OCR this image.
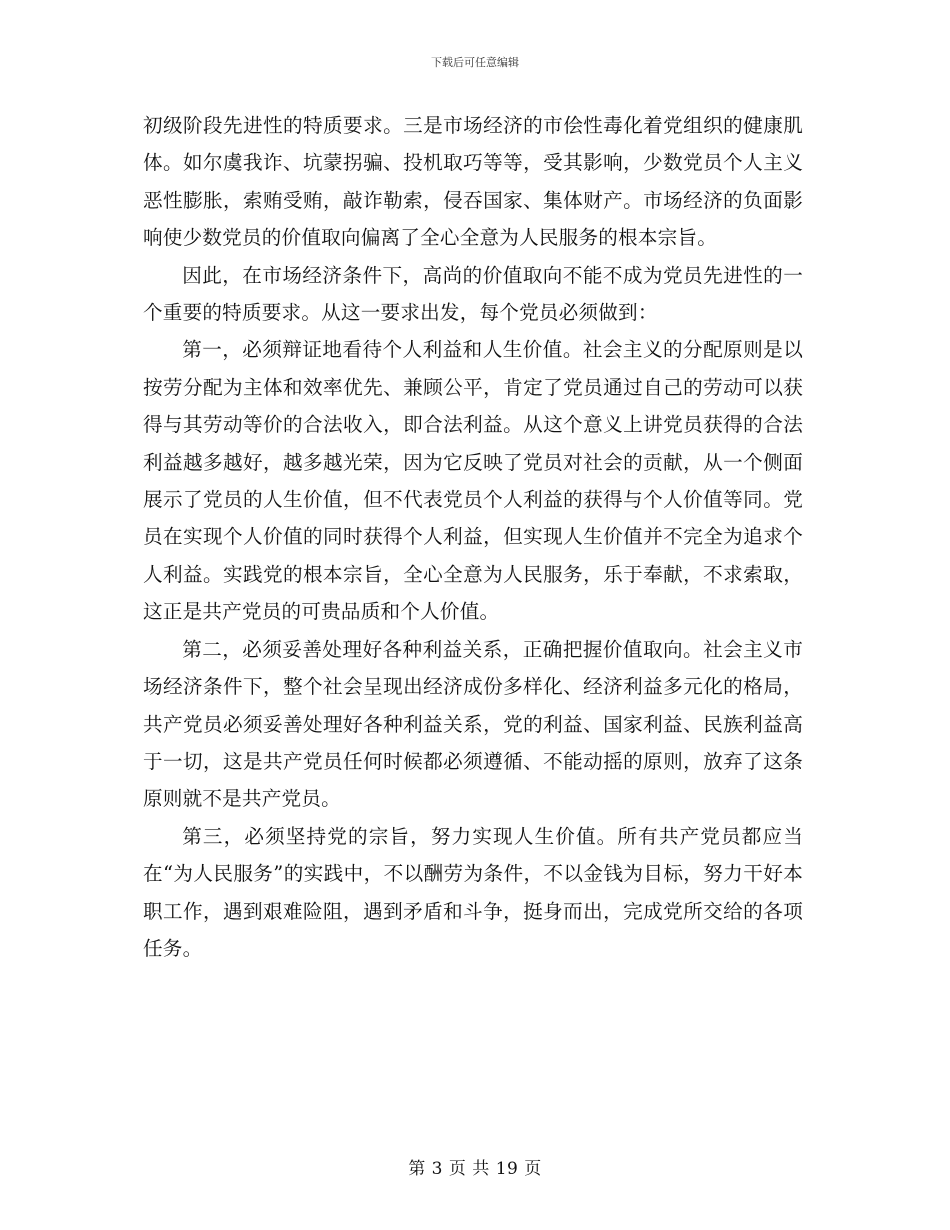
下载后可任意编辑

初级阶段先进性的特质要求。三是市场经济的市侩性毒化着党组织的健康肌体。如尔虞我诈、坑蒙拐骗、投机取巧等等，受其影响，少数党员个人主义恶性膨胀，索贿受贿，敲诈勒索，侵吞国家、集体财产。市场经济的负面影响使少数党员的价值取向偏离了全心全意为人民服务的根本宗旨。

因此，在市场经济条件下，高尚的价值取向不能不成为党员先进性的一个重要的特质要求。从这一要求出发，每个党员必须做到：

第一，必须辩证地看待个人利益和人生价值。社会主义的分配原则是以按劳分配为主体和效率优先、兼顾公平，肯定了党员通过自己的劳动可以获得与其劳动等价的合法收入，即合法利益。从这个意义上讲党员获得的合法利益越多越好，越多越光荣，因为它反映了党员对社会的贡献，从一个侧面展示了党员的人生价值，但不代表党员个人利益的获得与个人价值等同。党员在实现个人价值的同时获得个人利益，但实现人生价值并不完全为追求个人利益。实践党的根本宗旨，全心全意为人民服务，乐于奉献，不求索取，这正是共产党员的可贵品质和个人价值。

第二，必须妥善处理好各种利益关系，正确把握价值取向。社会主义市场经济条件下，整个社会呈现出经济成份多样化、经济利益多元化的格局，共产党员必须妥善处理好各种利益关系，党的利益、国家利益、民族利益高于一切，这是共产党员任何时候都必须遵循、不能动摇的原则，放弃了这条原则就不是共产党员。

第三，必须坚持党的宗旨，努力实现人生价值。所有共产党员都应当在“为人民服务”的实践中，不以酬劳为条件，不以金钱为目标，努力干好本职工作，遇到艰难险阻，遇到矛盾和斗争，挺身而出，完成党所交给的各项任务。

第 3 页 共 19 页
